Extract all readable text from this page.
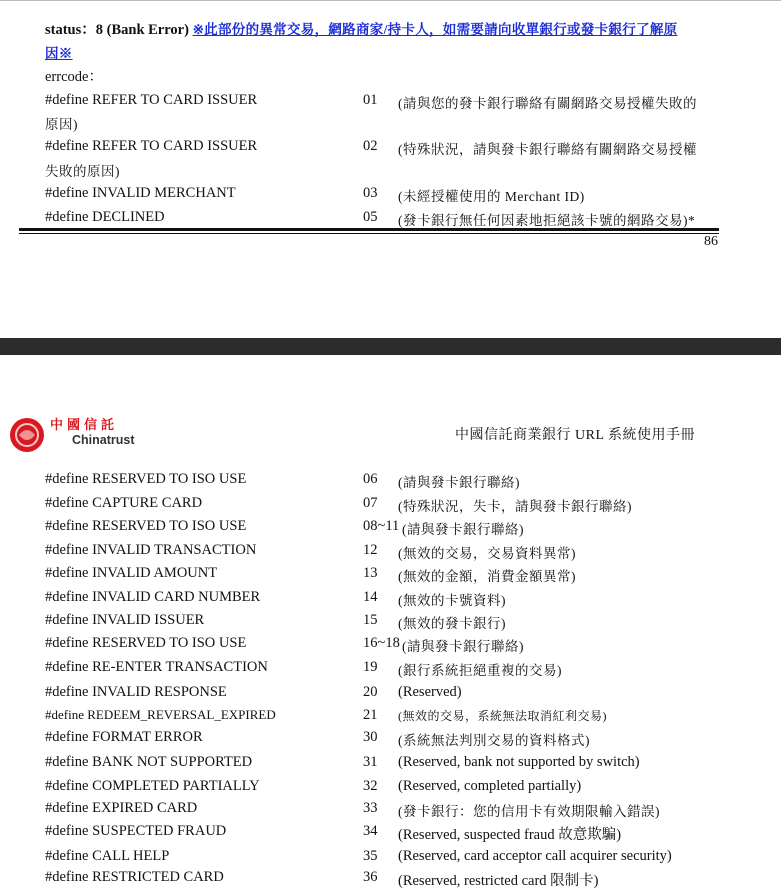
status：8 (Bank Error) ※此部份的異常交易，網路商家/持卡人，如需要請向收單銀行或發卡銀行了解原
因※
errcode：
#define REFER TO CARD ISSUER	01 (請與您的發卡銀行聯絡有關網路交易授權失敗的
原因)
#define REFER TO CARD ISSUER	02 (特殊狀況，請與發卡銀行聯絡有關網路交易授權
失敗的原因)
#define INVALID MERCHANT	03 (未經授權使用的 Merchant ID)
#define DECLINED	05 (發卡銀行無任何因素地拒絕該卡號的網路交易)*
86
中國信託
Chinatrust	中國信託商業銀行 URL 系統使用手冊
#define RESERVED TO ISO USE	06 (請與發卡銀行聯絡)
#define CAPTURE CARD	07 (特殊狀況，失卡，請與發卡銀行聯絡)
#define RESERVED TO ISO USE	08~11 (請與發卡銀行聯絡)
#define INVALID TRANSACTION	12 (無效的交易，交易資料異常)
#define INVALID AMOUNT	13 (無效的金額，消費金額異常)
#define INVALID CARD NUMBER	14 (無效的卡號資料)
#define INVALID ISSUER	15 (無效的發卡銀行)
#define RESERVED TO ISO USE	16~18 (請與發卡銀行聯絡)
#define RE-ENTER TRANSACTION	19 (銀行系統拒絕重複的交易)
#define INVALID RESPONSE	20 (Reserved)
#define REDEEM_REVERSAL_EXPIRED	21 (無效的交易，系統無法取消紅利交易)
#define FORMAT ERROR	30 (系統無法判別交易的資料格式)
#define BANK NOT SUPPORTED	31 (Reserved, bank not supported by switch)
#define COMPLETED PARTIALLY	32 (Reserved, completed partially)
#define EXPIRED CARD	33 (發卡銀行：您的信用卡有效期限輸入錯誤)
#define SUSPECTED FRAUD	34 (Reserved, suspected fraud 故意欺騙)
#define CALL HELP	35 (Reserved, card acceptor call acquirer security)
#define RESTRICTED CARD	36 (Reserved, restricted card 限制卡)
